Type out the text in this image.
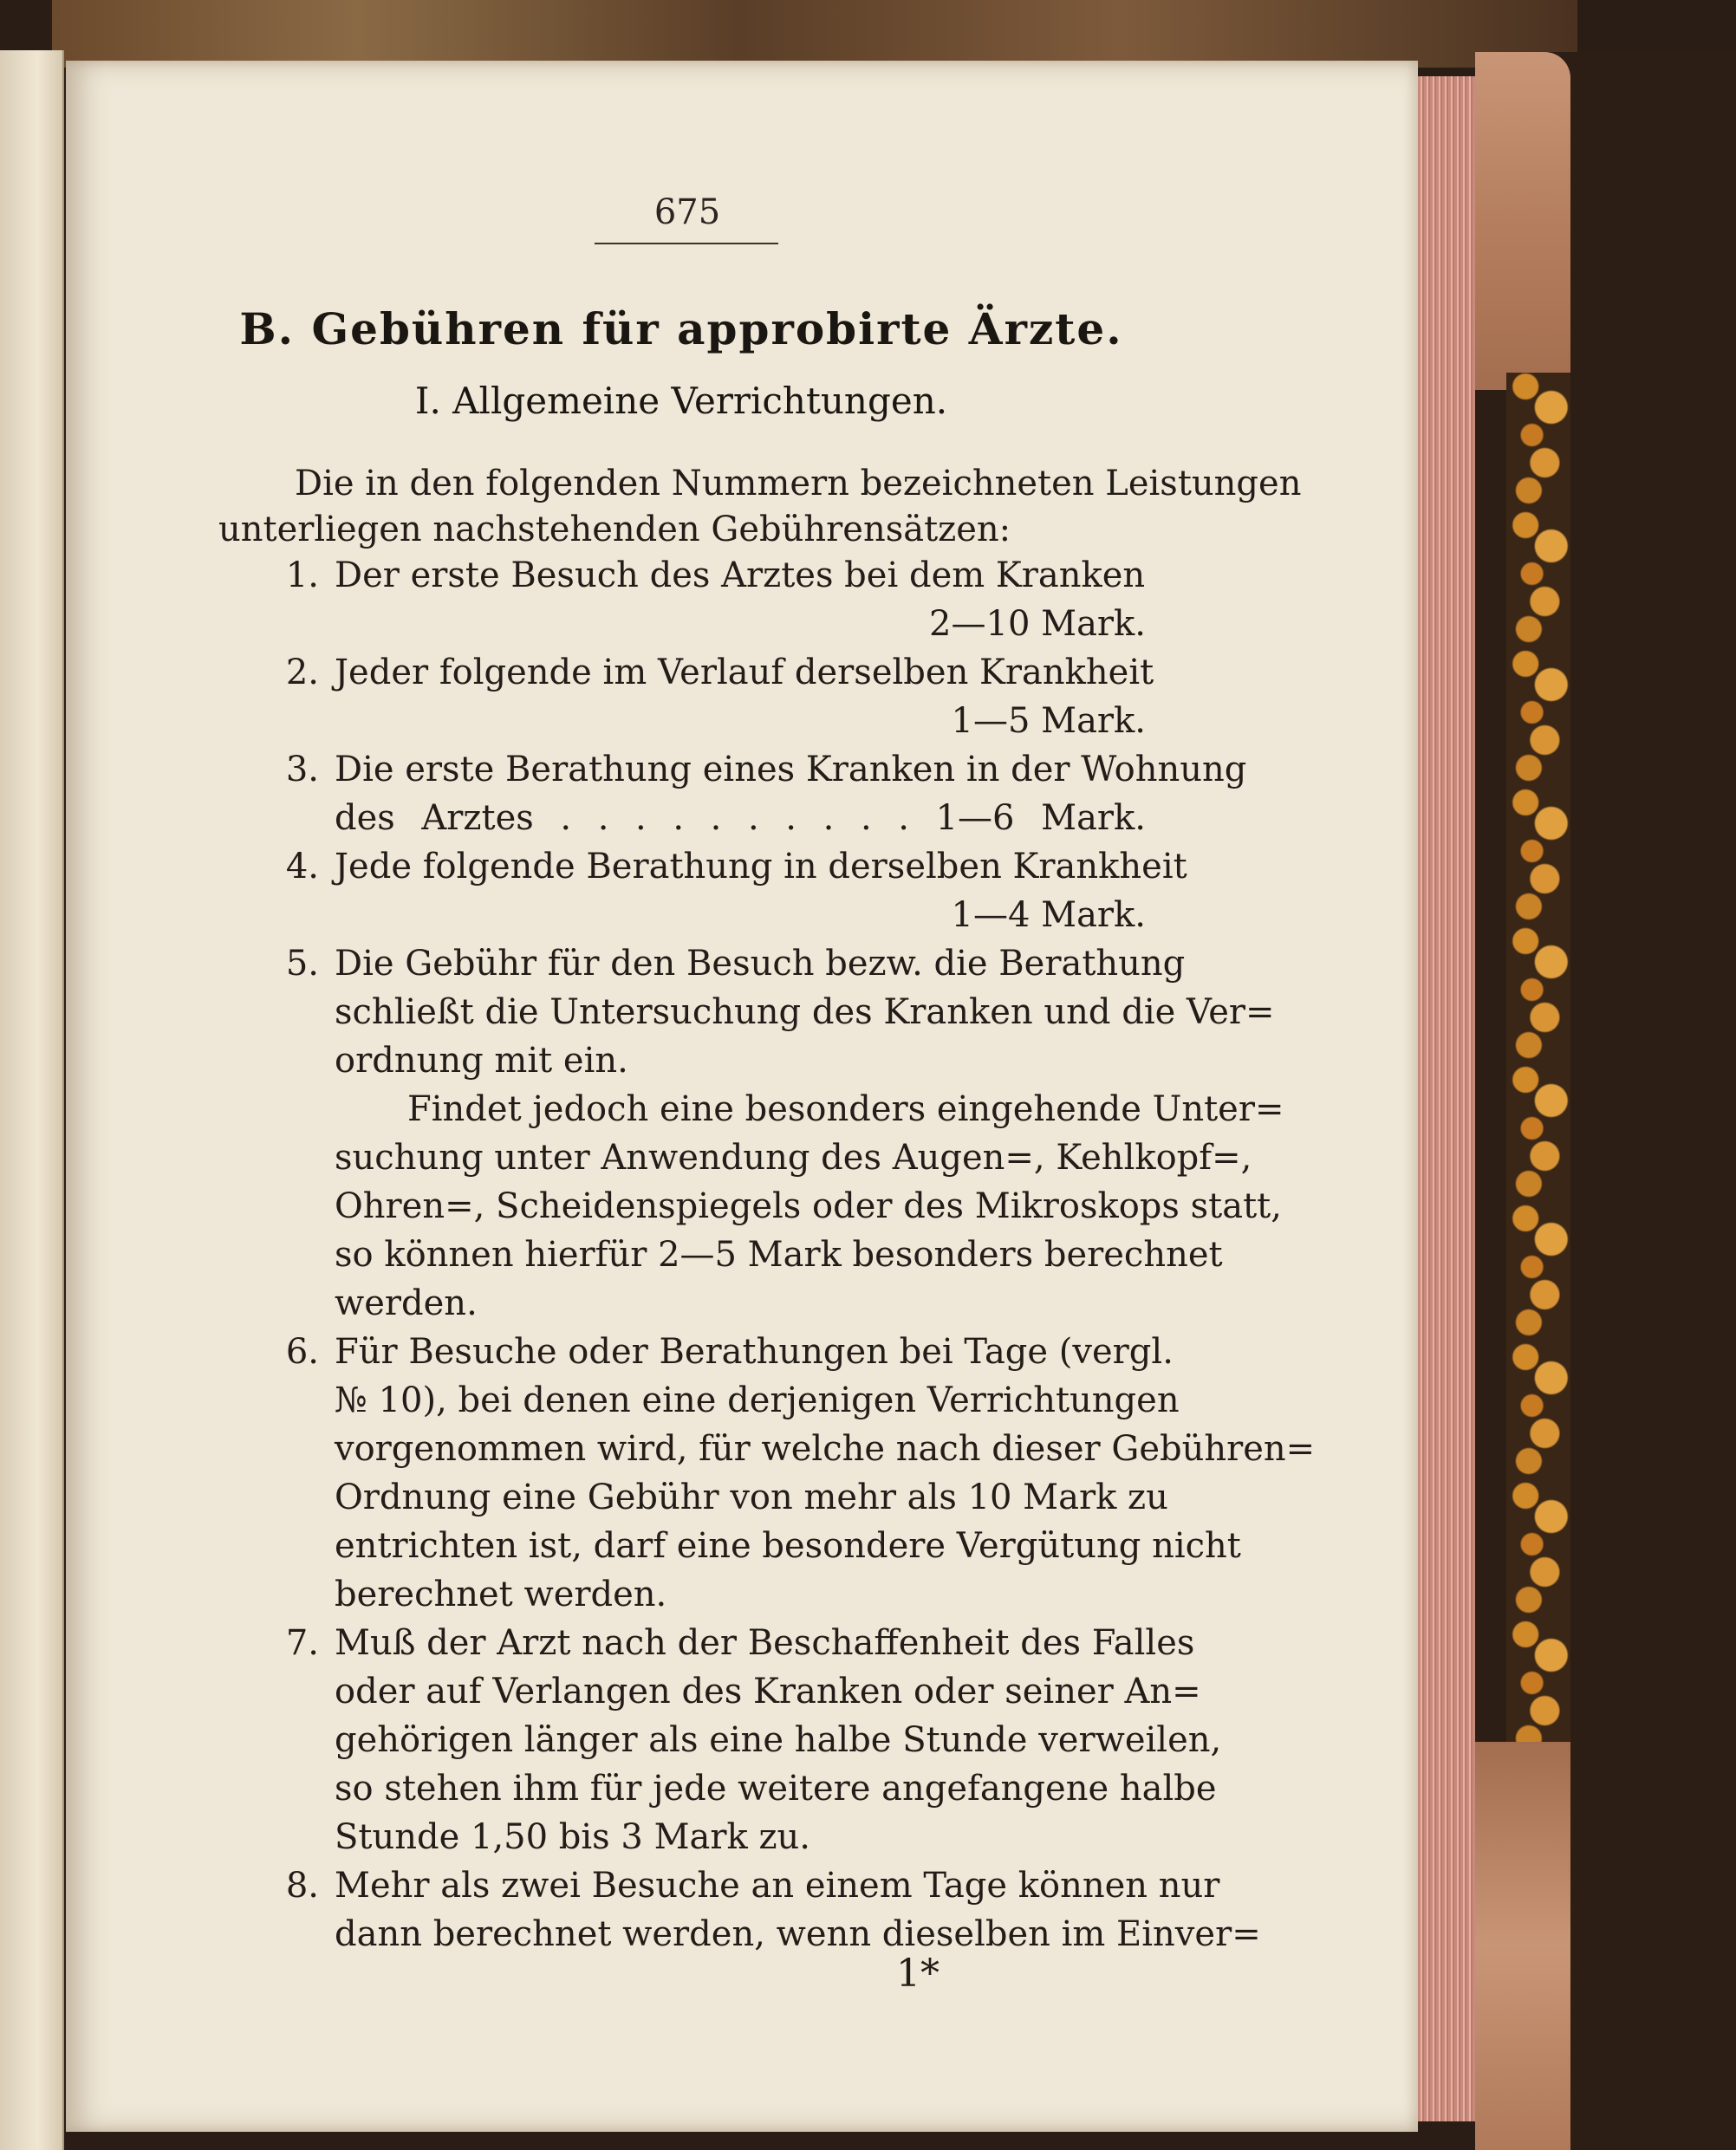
675
B. Gebühren für approbirte Ärzte.
I. Allgemeine Verrichtungen.
Die in den folgenden Nummern bezeichneten Leistungen
unterliegen nachstehenden Gebührensätzen:
1. Der erste Besuch des Arztes bei dem Kranken
2—10 Mark.
2. Jeder folgende im Verlauf derselben Krankheit
1—5 Mark.
3. Die erste Berathung eines Kranken in der Wohnung
des Arztes . . . . . . . . . . 1—6 Mark.
4. Jede folgende Berathung in derselben Krankheit
1—4 Mark.
5. Die Gebühr für den Besuch bezw. die Berathung
schließt die Untersuchung des Kranken und die Ver=
ordnung mit ein.
Findet jedoch eine besonders eingehende Unter=
suchung unter Anwendung des Augen=, Kehlkopf=,
Ohren=, Scheidenspiegels oder des Mikroskops statt,
so können hierfür 2—5 Mark besonders berechnet
werden.
6. Für Besuche oder Berathungen bei Tage (vergl.
№ 10), bei denen eine derjenigen Verrichtungen
vorgenommen wird, für welche nach dieser Gebühren=
Ordnung eine Gebühr von mehr als 10 Mark zu
entrichten ist, darf eine besondere Vergütung nicht
berechnet werden.
7. Muß der Arzt nach der Beschaffenheit des Falles
oder auf Verlangen des Kranken oder seiner An=
gehörigen länger als eine halbe Stunde verweilen,
so stehen ihm für jede weitere angefangene halbe
Stunde 1,50 bis 3 Mark zu.
8. Mehr als zwei Besuche an einem Tage können nur
dann berechnet werden, wenn dieselben im Einver=
1*
